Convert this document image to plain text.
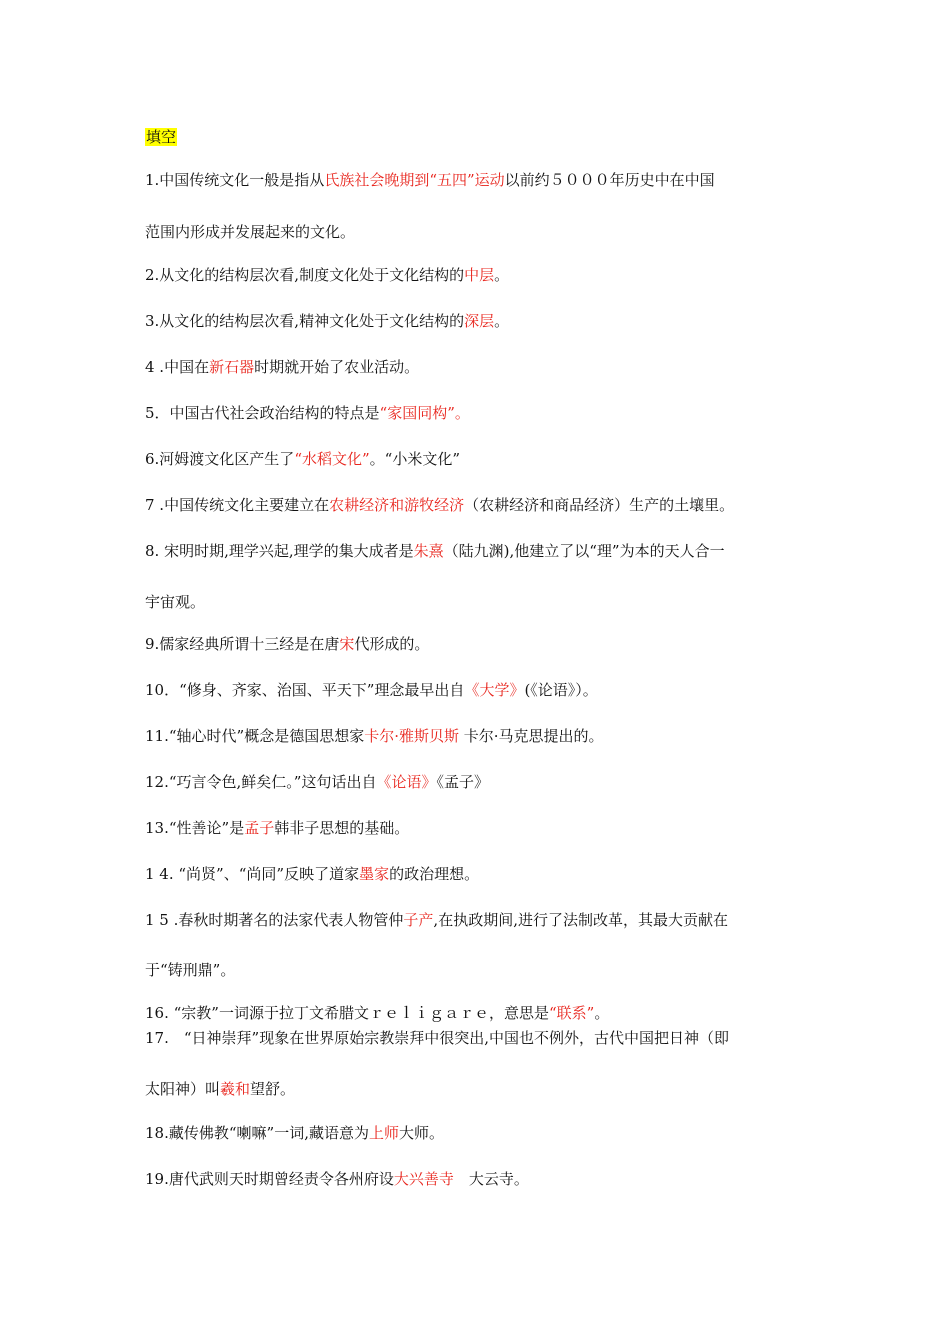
填空
1.中国传统文化一般是指从氏族社会晚期到“五四”运动以前约５０００年历史中在中国
范围内形成并发展起来的文化。
2.从文化的结构层次看,制度文化处于文化结构的中层。
3.从文化的结构层次看,精神文化处于文化结构的深层。
4 .中国在新石器时期就开始了农业活动。
5．中国古代社会政治结构的特点是“家国同构”。
6.河姆渡文化区产生了“水稻文化”。“小米文化”
7 .中国传统文化主要建立在农耕经济和游牧经济（农耕经济和商品经济）生产的土壤里。
8. 宋明时期,理学兴起,理学的集大成者是朱熹（陆九渊),他建立了以“理”为本的天人合一
宇宙观。
9.儒家经典所谓十三经是在唐宋代形成的。
10．“修身、齐家、治国、平天下”理念最早出自《大学》(《论语》）。
11.“轴心时代”概念是德国思想家卡尔·雅斯贝斯 卡尔·马克思提出的。
12.“巧言令色,鲜矣仁。”这句话出自《论语》《孟子》
13.“性善论”是孟子韩非子思想的基础。
1 4. “尚贤”、“尚同”反映了道家墨家的政治理想。
1 5 .春秋时期著名的法家代表人物管仲子产,在执政期间,进行了法制改革，其最大贡献在
于“铸刑鼎”。
16. “宗教”一词源于拉丁文希腊文ｒｅｌｉｇａｒｅ，意思是“联系”。
17.　“日神崇拜”现象在世界原始宗教崇拜中很突出,中国也不例外，古代中国把日神（即
太阳神）叫羲和望舒。
18.藏传佛教“喇嘛”一词,藏语意为上师大师。
19.唐代武则天时期曾经责令各州府设大兴善寺　大云寺。
